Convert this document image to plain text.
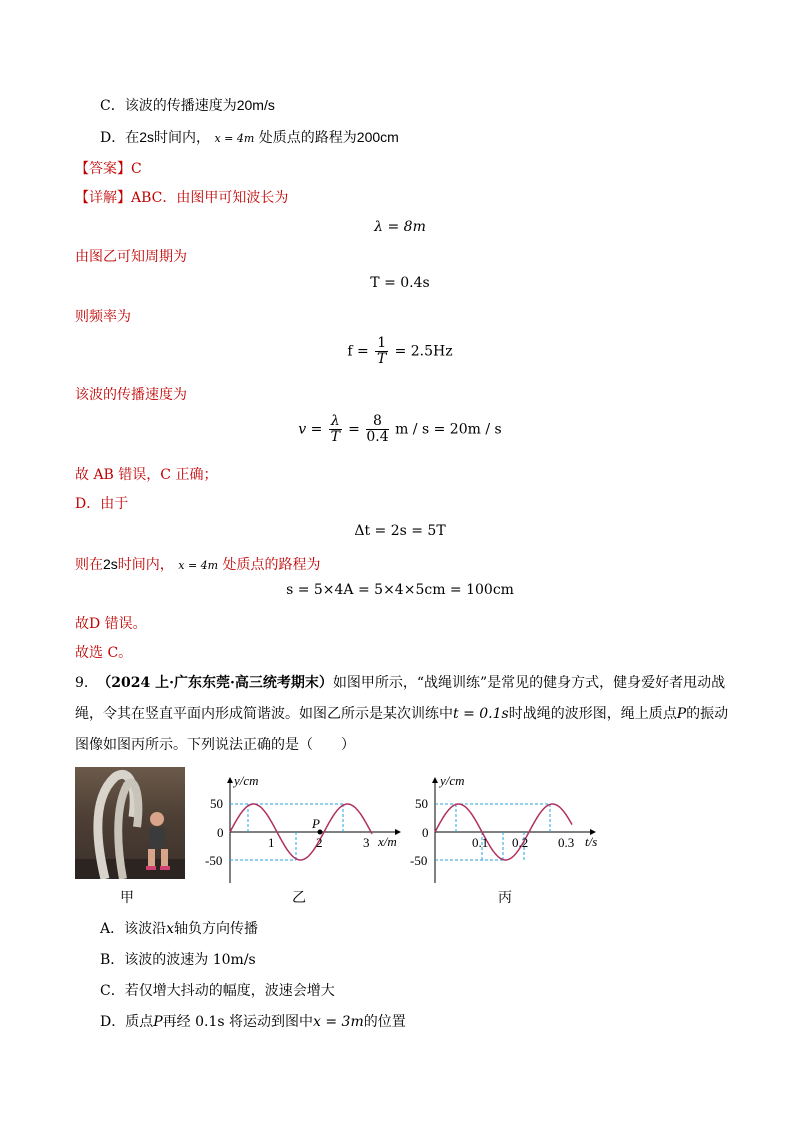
C．该波的传播速度为20m/s
D．在2s时间内， x = 4m 处质点的路程为200cm
【答案】C
【详解】ABC．由图甲可知波长为
λ = 8m
由图乙可知周期为
T = 0.4s
则频率为
$f = \frac{1}{T} = 2.5Hz$
该波的传播速度为
$v = \frac{\lambda}{T} = \frac{8}{0.4}$ m / s = 20m / s
故 AB 错误，C 正确；
D．由于
Δt = 2s = 5T
则在2s时间内， x = 4m 处质点的路程为
s = 5×4A = 5×4×5cm = 100cm
故D 错误。
故选 C。
9. （2024 上·广东东莞·高三统考期末）如图甲所示，“战绳训练”是常见的健身方式，健身爱好者甩动战
绳，令其在竖直平面内形成简谐波。如图乙所示是某次训练中t = 0.1s时战绳的波形图，绳上质点P的振动
图像如图丙所示。下列说法正确的是（　　）
P
y/cm
x/m
50
0
-50
1	2	3
y/cm
t/s
50
0
-50
0.1 0.2 0.3
甲	乙	丙
A．该波沿x轴负方向传播
B．该波的波速为 10m/s
C．若仅增大抖动的幅度，波速会增大
D．质点P再经 0.1s 将运动到图中x = 3m的位置
